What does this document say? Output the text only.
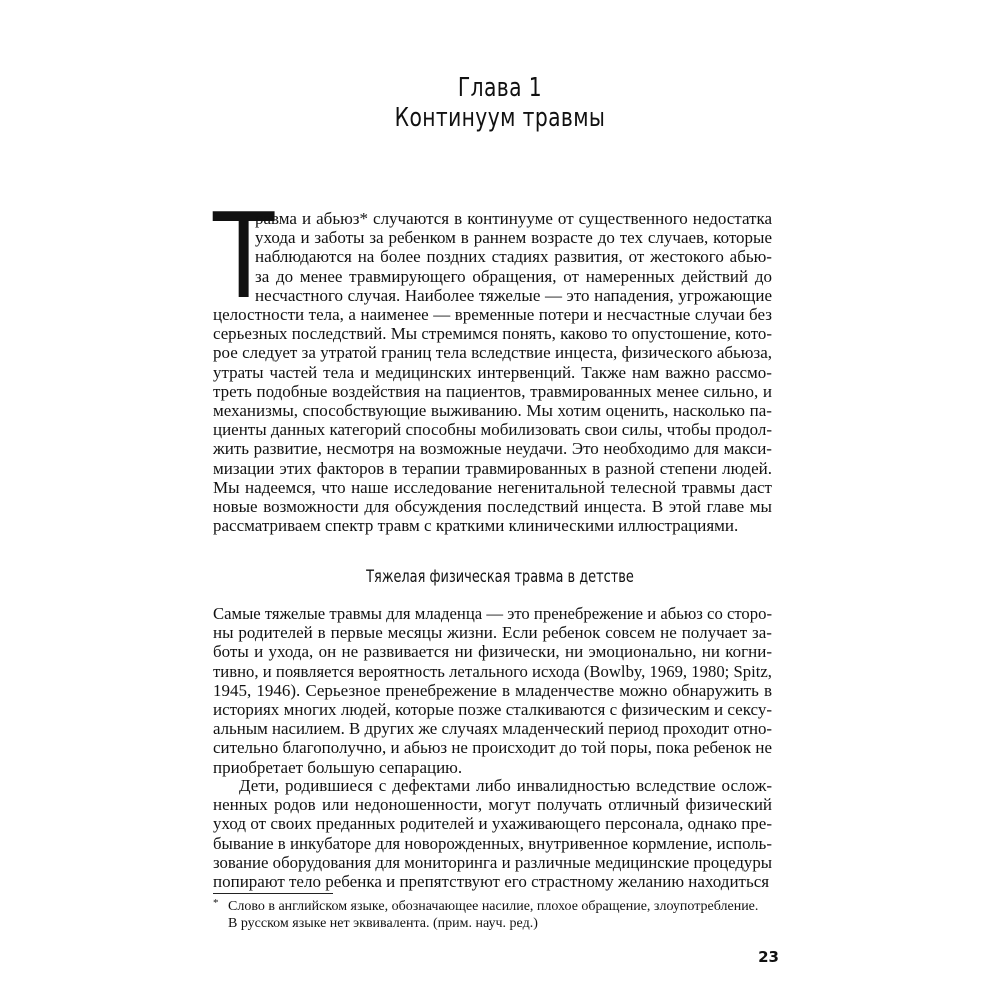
Глава 1
Континуум травмы
Т
равма и абьюз* случаются в континууме от существенного недостатка
ухода и заботы за ребенком в раннем возрасте до тех случаев, которые
наблюдаются на более поздних стадиях развития, от жестокого абью-
за до менее травмирующего обращения, от намеренных действий до
несчастного случая. Наиболее тяжелые — это нападения, угрожающие
целостности тела, а наименее — временные потери и несчастные случаи без
серьезных последствий. Мы стремимся понять, каково то опустошение, кото-
рое следует за утратой границ тела вследствие инцеста, физического абьюза,
утраты частей тела и медицинских интервенций. Также нам важно рассмо-
треть подобные воздействия на пациентов, травмированных менее сильно, и
механизмы, способствующие выживанию. Мы хотим оценить, насколько па-
циенты данных категорий способны мобилизовать свои силы, чтобы продол-
жить развитие, несмотря на возможные неудачи. Это необходимо для макси-
мизации этих факторов в терапии травмированных в разной степени людей.
Мы надеемся, что наше исследование негенитальной телесной травмы даст
новые возможности для обсуждения последствий инцеста. В этой главе мы
рассматриваем спектр травм с краткими клиническими иллюстрациями.
Тяжелая физическая травма в детстве
Самые тяжелые травмы для младенца — это пренебрежение и абьюз со сторо-
ны родителей в первые месяцы жизни. Если ребенок совсем не получает за-
боты и ухода, он не развивается ни физически, ни эмоционально, ни когни-
тивно, и появляется вероятность летального исхода (Bowlby, 1969, 1980; Spitz,
1945, 1946). Серьезное пренебрежение в младенчестве можно обнаружить в
историях многих людей, которые позже сталкиваются с физическим и сексу-
альным насилием. В других же случаях младенческий период проходит отно-
сительно благополучно, и абьюз не происходит до той поры, пока ребенок не
приобретает большую сепарацию.
Дети, родившиеся с дефектами либо инвалидностью вследствие ослож-
ненных родов или недоношенности, могут получать отличный физический
уход от своих преданных родителей и ухаживающего персонала, однако пре-
бывание в инкубаторе для новорожденных, внутривенное кормление, исполь-
зование оборудования для мониторинга и различные медицинские процедуры
попирают тело ребенка и препятствуют его страстному желанию находиться
* Слово в английском языке, обозначающее насилие, плохое обращение, злоупотребление.
В русском языке нет эквивалента. (прим. науч. ред.)
23
